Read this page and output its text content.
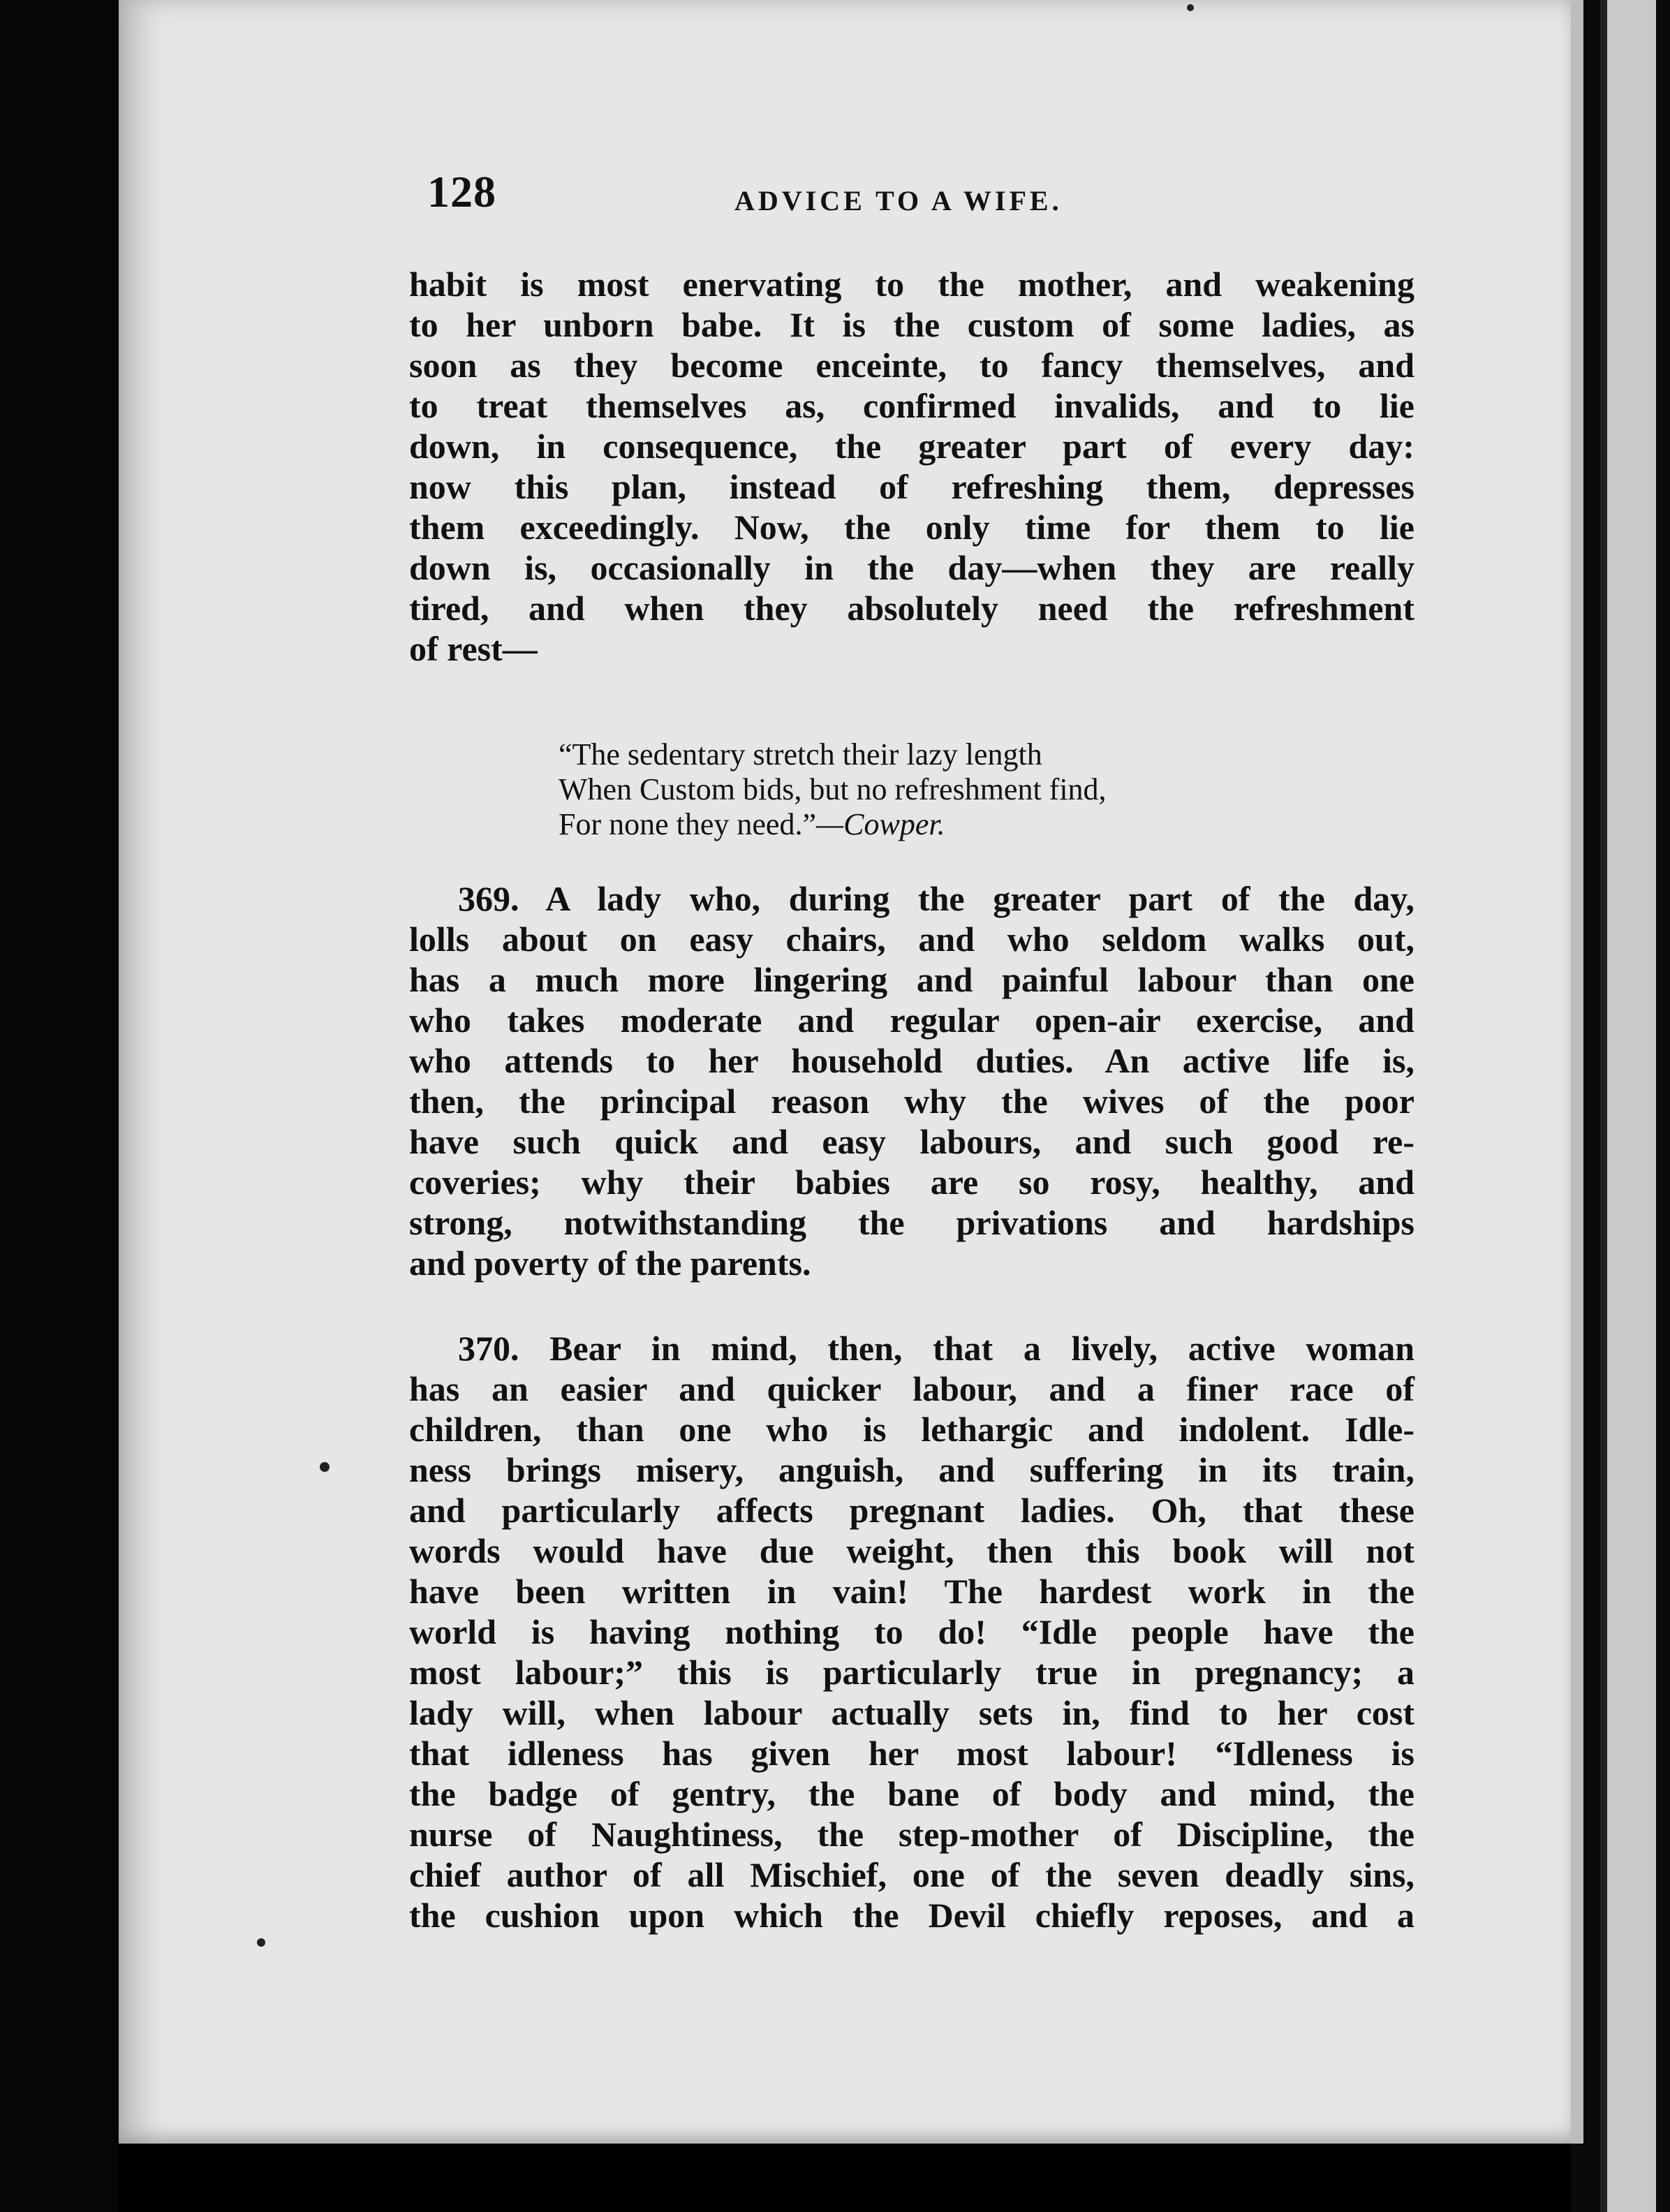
128	ADVICE TO A WIFE.
habit is most enervating to the mother, and weakening
to her unborn babe. It is the custom of some ladies, as
soon as they become enceinte, to fancy themselves, and
to treat themselves as, confirmed invalids, and to lie
down, in consequence, the greater part of every day:
now this plan, instead of refreshing them, depresses
them exceedingly. Now, the only time for them to lie
down is, occasionally in the day—when they are really
tired, and when they absolutely need the refreshment
of rest—
“The sedentary stretch their lazy length
When Custom bids, but no refreshment find,
For none they need.”—Cowper.
369. A lady who, during the greater part of the day,
lolls about on easy chairs, and who seldom walks out,
has a much more lingering and painful labour than one
who takes moderate and regular open-air exercise, and
who attends to her household duties. An active life is,
then, the principal reason why the wives of the poor
have such quick and easy labours, and such good re-
coveries; why their babies are so rosy, healthy, and
strong, notwithstanding the privations and hardships
and poverty of the parents.
370. Bear in mind, then, that a lively, active woman
has an easier and quicker labour, and a finer race of
children, than one who is lethargic and indolent. Idle-
ness brings misery, anguish, and suffering in its train,
and particularly affects pregnant ladies. Oh, that these
words would have due weight, then this book will not
have been written in vain! The hardest work in the
world is having nothing to do! “Idle people have the
most labour;” this is particularly true in pregnancy; a
lady will, when labour actually sets in, find to her cost
that idleness has given her most labour! “Idleness is
the badge of gentry, the bane of body and mind, the
nurse of Naughtiness, the step-mother of Discipline, the
chief author of all Mischief, one of the seven deadly sins,
the cushion upon which the Devil chiefly reposes, and a
